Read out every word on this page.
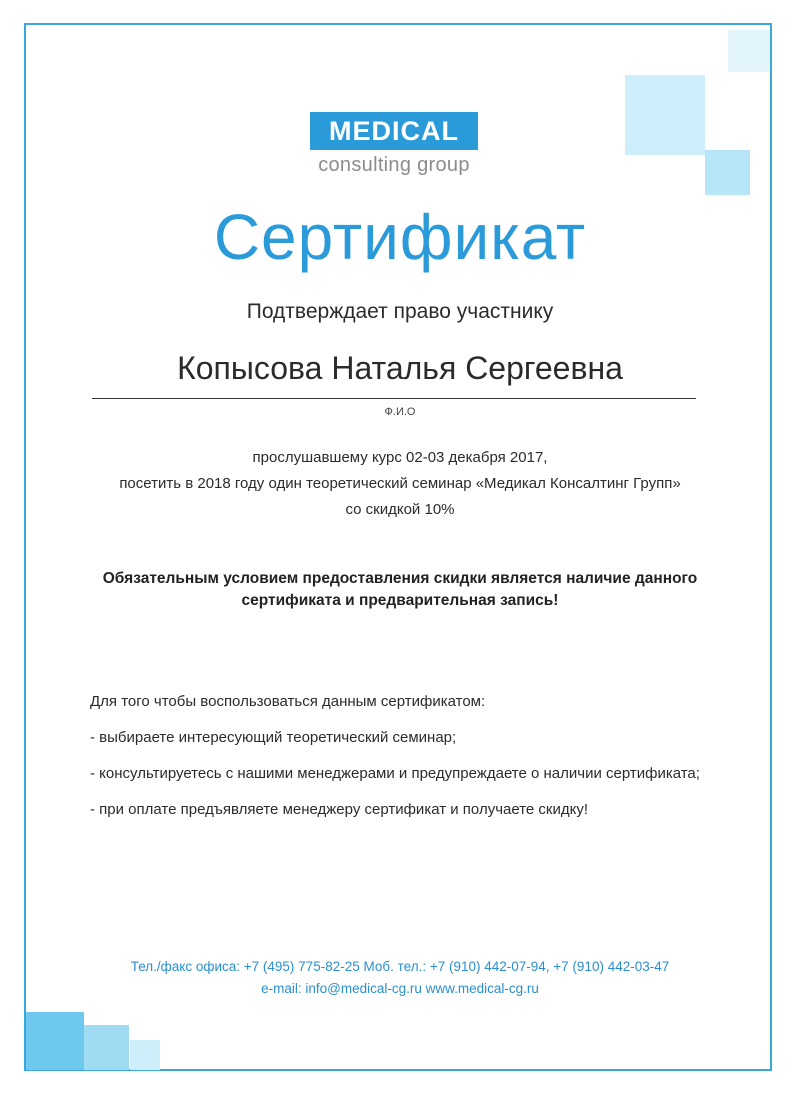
MEDICAL
consulting group
Сертификат
Подтверждает право участнику
Копысова Наталья Сергеевна
Ф.И.О
прослушавшему курс 02-03 декабря 2017,
посетить в 2018 году один теоретический семинар «Медикал Консалтинг Групп»
со скидкой 10%
Обязательным условием предоставления скидки является наличие данного
сертификата и предварительная запись!
Для того чтобы воспользоваться данным сертификатом:
- выбираете интересующий теоретический семинар;
- консультируетесь с нашими менеджерами и предупреждаете о наличии сертификата;
- при оплате предъявляете менеджеру сертификат и получаете скидку!
Тел./факс офиса: +7 (495) 775-82-25 Моб. тел.: +7 (910) 442-07-94, +7 (910) 442-03-47
e-mail: info@medical-cg.ru www.medical-cg.ru
